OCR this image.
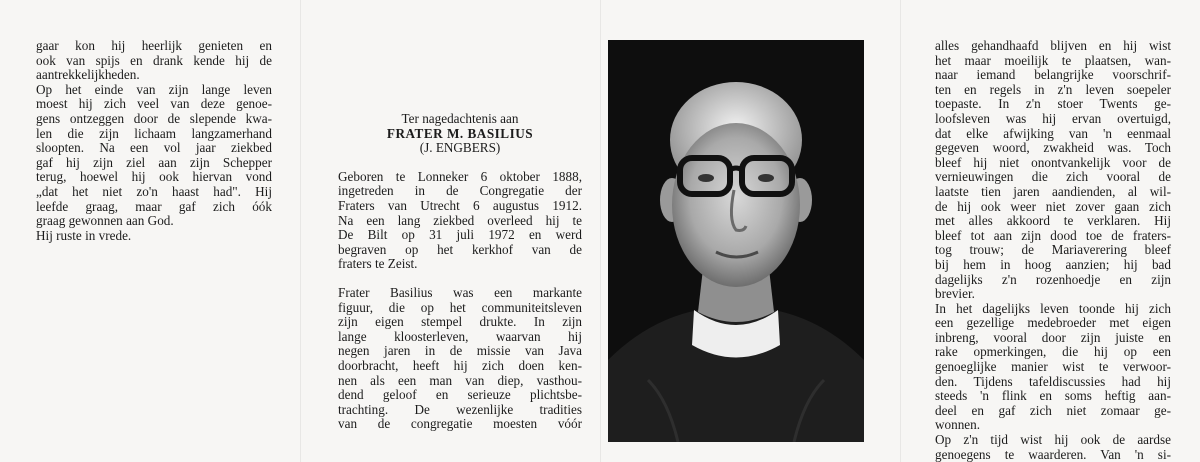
gaar kon hij heerlijk genieten en
ook van spijs en drank kende hij de
aantrekkelijkheden.
Op het einde van zijn lange leven
moest hij zich veel van deze genoe-
gens ontzeggen door de slepende kwa-
len die zijn lichaam langzamerhand
sloopten. Na een vol jaar ziekbed
gaf hij zijn ziel aan zijn Schepper
terug, hoewel hij ook hiervan vond
„dat het niet zo'n haast had". Hij
leefde graag, maar gaf zich óók
graag gewonnen aan God.
Hij ruste in vrede.
Ter nagedachtenis aan
FRATER M. BASILIUS
(J. ENGBERS)
Geboren te Lonneker 6 oktober 1888,
ingetreden in de Congregatie der
Fraters van Utrecht 6 augustus 1912.
Na een lang ziekbed overleed hij te
De Bilt op 31 juli 1972 en werd
begraven op het kerkhof van de
fraters te Zeist.
Frater Basilius was een markante
figuur, die op het communiteitsleven
zijn eigen stempel drukte. In zijn
lange kloosterleven, waarvan hij
negen jaren in de missie van Java
doorbracht, heeft hij zich doen ken-
nen als een man van diep, vasthou-
dend geloof en serieuze plichtsbe-
trachting. De wezenlijke tradities
van de congregatie moesten vóór
alles gehandhaafd blijven en hij wist
het maar moeilijk te plaatsen, wan-
naar iemand belangrijke voorschrif-
ten en regels in z'n leven soepeler
toepaste. In z'n stoer Twents ge-
loofsleven was hij ervan overtuigd,
dat elke afwijking van 'n eenmaal
gegeven woord, zwakheid was. Toch
bleef hij niet onontvankelijk voor de
vernieuwingen die zich vooral de
laatste tien jaren aandienden, al wil-
de hij ook weer niet zover gaan zich
met alles akkoord te verklaren. Hij
bleef tot aan zijn dood toe de fraters-
tog trouw; de Mariaverering bleef
bij hem in hoog aanzien; hij bad
dagelijks z'n rozenhoedje en zijn
brevier.
In het dagelijks leven toonde hij zich
een gezellige medebroeder met eigen
inbreng, vooral door zijn juiste en
rake opmerkingen, die hij op een
genoeglijke manier wist te verwoor-
den. Tijdens tafeldiscussies had hij
steeds 'n flink en soms heftig aan-
deel en gaf zich niet zomaar ge-
wonnen.
Op z'n tijd wist hij ook de aardse
genoegens te waarderen. Van 'n si-
